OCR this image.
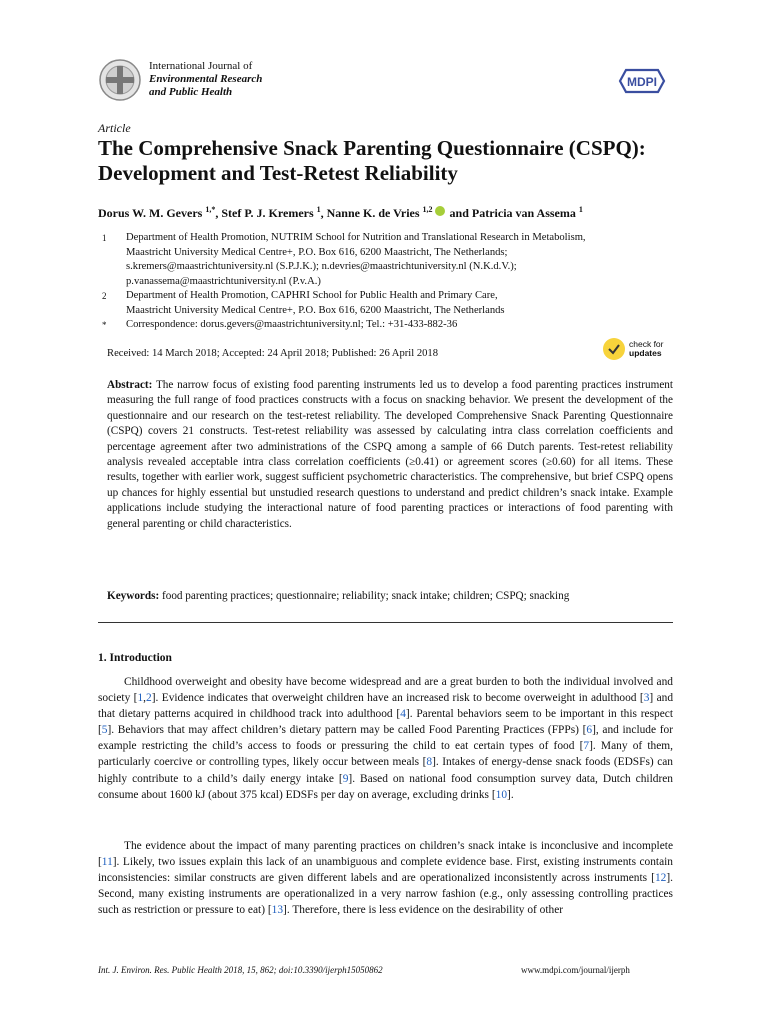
International Journal of
Environmental Research
and Public Health
MDPI
Article
The Comprehensive Snack Parenting Questionnaire (CSPQ): Development and Test-Retest Reliability
Dorus W. M. Gevers $^{1,*}$, Stef P. J. Kremers $^1$, Nanne K. de Vries $^{1,2}$ and Patricia van Assema $^1$
1 Department of Health Promotion, NUTRIM School for Nutrition and Translational Research in Metabolism,
Maastricht University Medical Centre+, P.O. Box 616, 6200 Maastricht, The Netherlands;
s.kremers@maastrichtuniversity.nl (S.P.J.K.); n.devries@maastrichtuniversity.nl (N.K.d.V.);
p.vanassema@maastrichtuniversity.nl (P.v.A.)
2 Department of Health Promotion, CAPHRI School for Public Health and Primary Care,
Maastricht University Medical Centre+, P.O. Box 616, 6200 Maastricht, The Netherlands
* Correspondence: dorus.gevers@maastrichtuniversity.nl; Tel.: +31-433-882-36
Received: 14 March 2018; Accepted: 24 April 2018; Published: 26 April 2018
check for
updates
Abstract: The narrow focus of existing food parenting instruments led us to develop a food parenting practices instrument measuring the full range of food practices constructs with a focus on snacking behavior. We present the development of the questionnaire and our research on the test-retest reliability. The developed Comprehensive Snack Parenting Questionnaire (CSPQ) covers 21 constructs. Test-retest reliability was assessed by calculating intra class correlation coefficients and percentage agreement after two administrations of the CSPQ among a sample of 66 Dutch parents. Test-retest reliability analysis revealed acceptable intra class correlation coefficients (≥0.41) or agreement scores (≥0.60) for all items. These results, together with earlier work, suggest sufficient psychometric characteristics. The comprehensive, but brief CSPQ opens up chances for highly essential but unstudied research questions to understand and predict children’s snack intake. Example applications include studying the interactional nature of food parenting practices or interactions of food parenting with general parenting or child characteristics.
Keywords: food parenting practices; questionnaire; reliability; snack intake; children; CSPQ; snacking
1. Introduction
Childhood overweight and obesity have become widespread and are a great burden to both the individual involved and society [1,2]. Evidence indicates that overweight children have an increased risk to become overweight in adulthood [3] and that dietary patterns acquired in childhood track into adulthood [4]. Parental behaviors seem to be important in this respect [5]. Behaviors that may affect children’s dietary pattern may be called Food Parenting Practices (FPPs) [6], and include for example restricting the child’s access to foods or pressuring the child to eat certain types of food [7]. Many of them, particularly coercive or controlling types, likely occur between meals [8]. Intakes of energy-dense snack foods (EDSFs) can highly contribute to a child’s daily energy intake [9]. Based on national food consumption survey data, Dutch children consume about 1600 kJ (about 375 kcal) EDSFs per day on average, excluding drinks [10].
The evidence about the impact of many parenting practices on children’s snack intake is inconclusive and incomplete [11]. Likely, two issues explain this lack of an unambiguous and complete evidence base. First, existing instruments contain inconsistencies: similar constructs are given different labels and are operationalized inconsistently across instruments [12]. Second, many existing instruments are operationalized in a very narrow fashion (e.g., only assessing controlling practices such as restriction or pressure to eat) [13]. Therefore, there is less evidence on the desirability of other
Int. J. Environ. Res. Public Health 2018, 15, 862; doi:10.3390/ijerph15050862	www.mdpi.com/journal/ijerph
